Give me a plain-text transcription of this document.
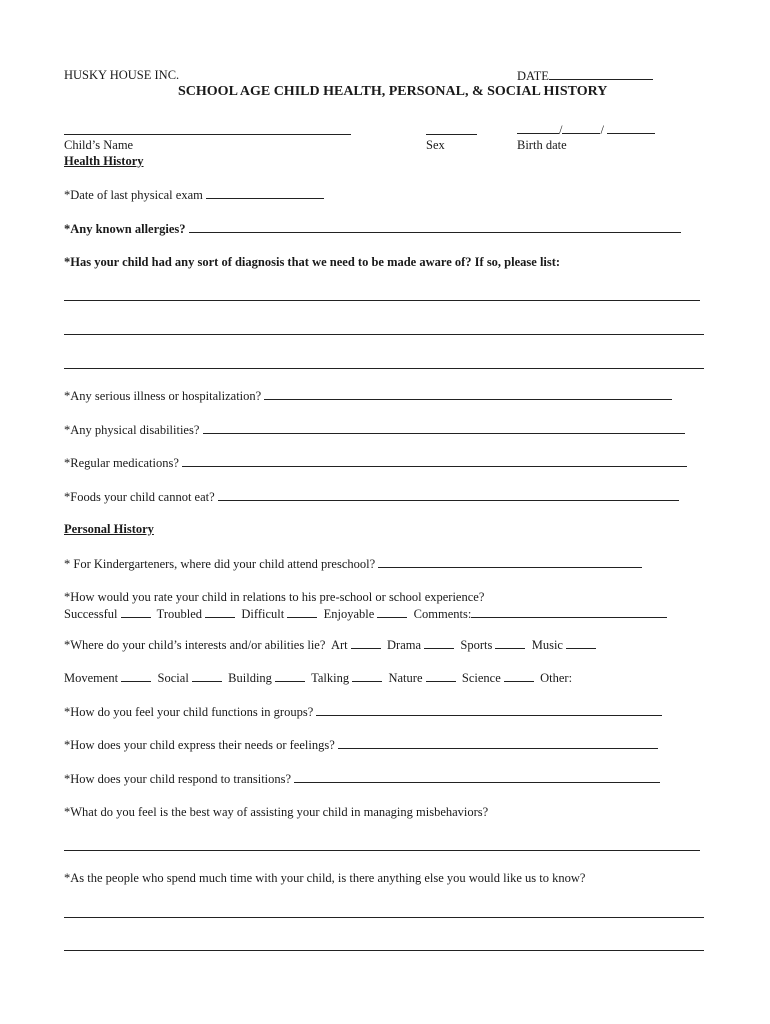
HUSKY HOUSE INC.	DATE
SCHOOL AGE CHILD HEALTH, PERSONAL, & SOCIAL HISTORY
/	/
Child’s Name	Sex	Birth date
Health History
*Date of last physical exam
*Any known allergies?
*Has your child had any sort of diagnosis that we need to be made aware of? If so, please list:
*Any serious illness or hospitalization?
*Any physical disabilities?
*Regular medications?
*Foods your child cannot eat?
Personal History
* For Kindergarteners, where did your child attend preschool?
*How would you rate your child in relations to his pre-school or school experience?
Successful	Troubled	Difficult	Enjoyable	Comments:
*Where do your child’s interests and/or abilities lie? Art	Drama	Sports	Music
Movement	Social	Building	Talking	Nature	Science	Other:
*How do you feel your child functions in groups?
*How does your child express their needs or feelings?
*How does your child respond to transitions?
*What do you feel is the best way of assisting your child in managing misbehaviors?
*As the people who spend much time with your child, is there anything else you would like us to know?
